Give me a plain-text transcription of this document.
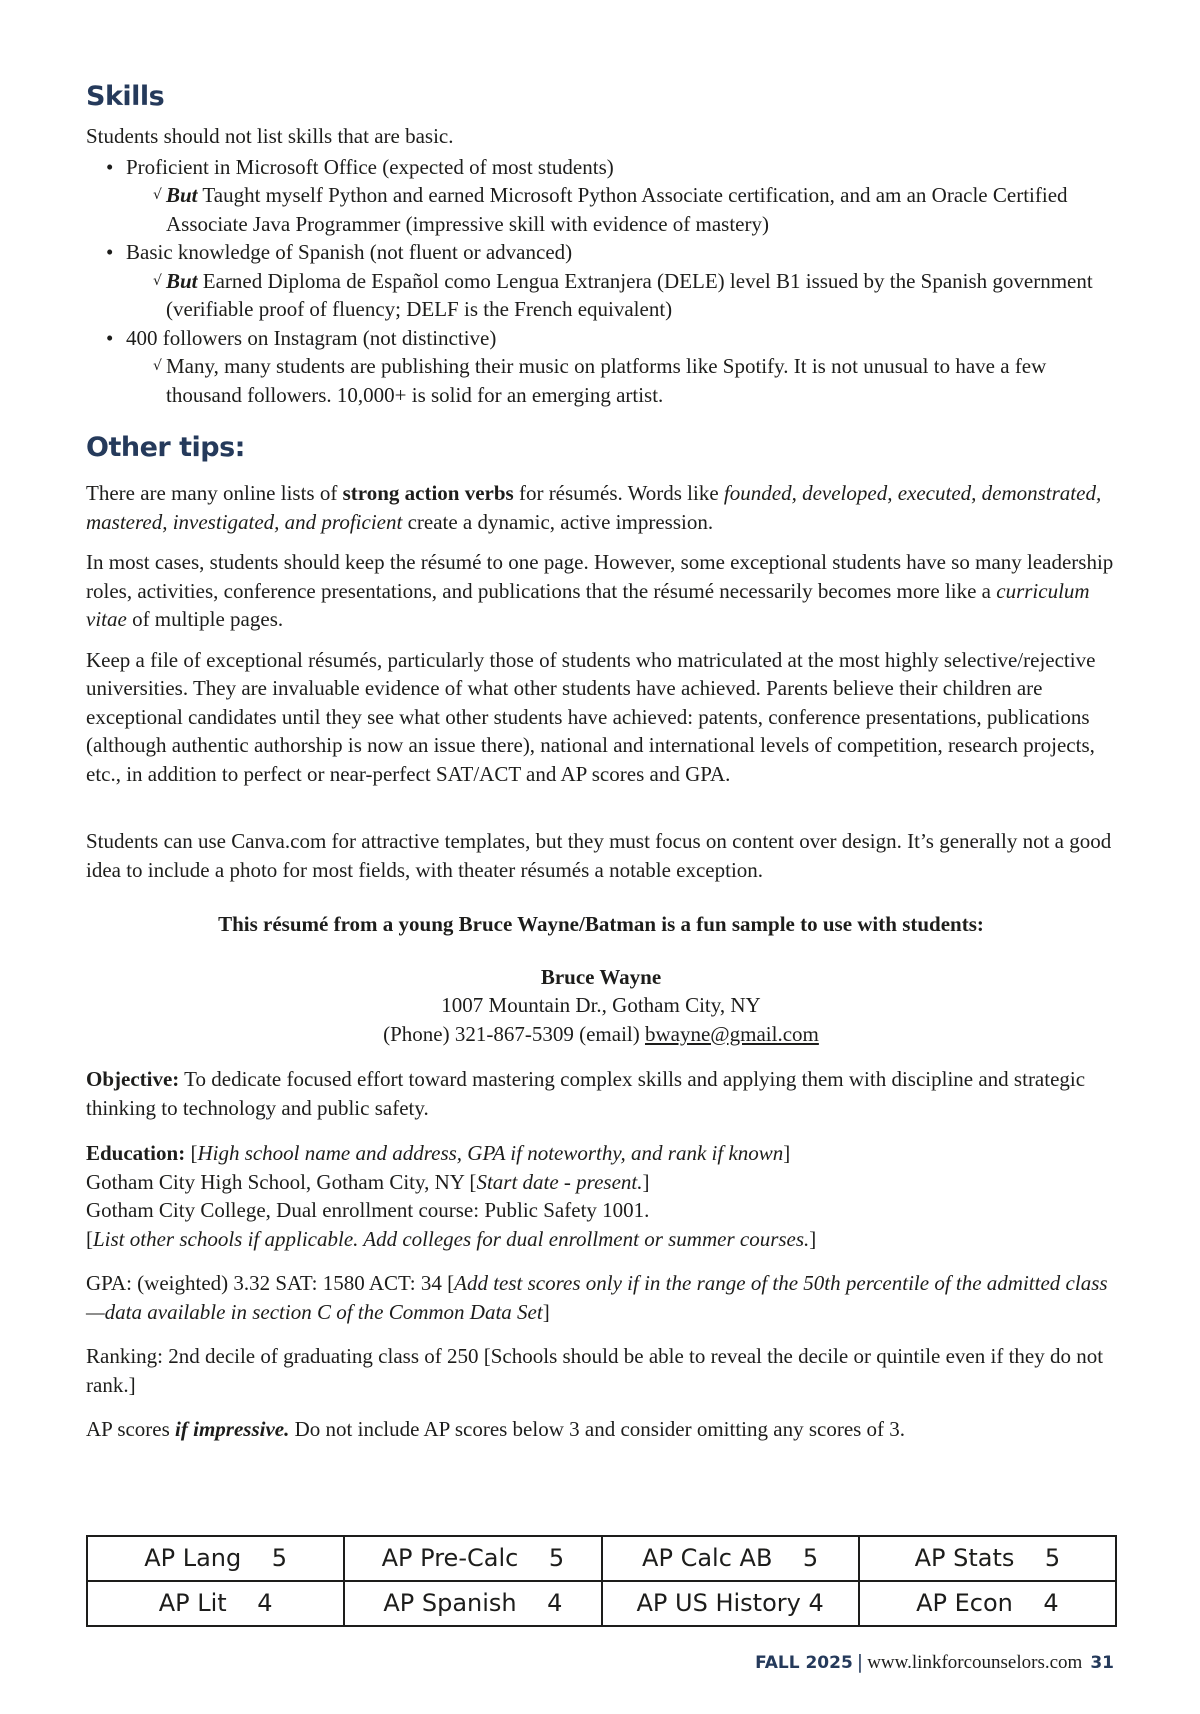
Skills

Students should not list skills that are basic.

• Proficient in Microsoft Office (expected of most students)
√ But Taught myself Python and earned Microsoft Python Associate certification, and am an Oracle Certified Associate Java Programmer (impressive skill with evidence of mastery)
• Basic knowledge of Spanish (not fluent or advanced)
√ But Earned Diploma de Español como Lengua Extranjera (DELE) level B1 issued by the Spanish government (verifiable proof of fluency; DELF is the French equivalent)
• 400 followers on Instagram (not distinctive)
√ Many, many students are publishing their music on platforms like Spotify. It is not unusual to have a few thousand followers. 10,000+ is solid for an emerging artist.
Other tips:

There are many online lists of strong action verbs for résumés. Words like founded, developed, executed, demonstrated, mastered, investigated, and proficient create a dynamic, active impression.

In most cases, students should keep the résumé to one page. However, some exceptional students have so many leadership roles, activities, conference presentations, and publications that the résumé necessarily becomes more like a curriculum vitae of multiple pages.

Keep a file of exceptional résumés, particularly those of students who matriculated at the most highly selective/rejective universities. They are invaluable evidence of what other students have achieved. Parents believe their children are exceptional candidates until they see what other students have achieved: patents, conference presentations, publications (although authentic authorship is now an issue there), national and international levels of competition, research projects, etc., in addition to perfect or near-perfect SAT/ACT and AP scores and GPA.

Students can use Canva.com for attractive templates, but they must focus on content over design. It’s generally not a good idea to include a photo for most fields, with theater résumés a notable exception.

This résumé from a young Bruce Wayne/Batman is a fun sample to use with students:

Bruce Wayne
1007 Mountain Dr., Gotham City, NY
(Phone) 321-867-5309 (email) bwayne@gmail.com

Objective: To dedicate focused effort toward mastering complex skills and applying them with discipline and strategic thinking to technology and public safety.

Education: [High school name and address, GPA if noteworthy, and rank if known]
Gotham City High School, Gotham City, NY [Start date - present.]
Gotham City College, Dual enrollment course: Public Safety 1001.
[List other schools if applicable. Add colleges for dual enrollment or summer courses.]

GPA: (weighted) 3.32 SAT: 1580 ACT: 34 [Add test scores only if in the range of the 50th percentile of the admitted class—data available in section C of the Common Data Set]

Ranking: 2nd decile of graduating class of 250 [Schools should be able to reveal the decile or quintile even if they do not rank.]

AP scores if impressive. Do not include AP scores below 3 and consider omitting any scores of 3.

AP Lang    5	AP Pre-Calc    5	AP Calc AB    5	AP Stats    5
AP Lit    4	AP Spanish    4	AP US History 4	AP Econ    4
FALL 2025 | www.linkforcounselors.com 31
